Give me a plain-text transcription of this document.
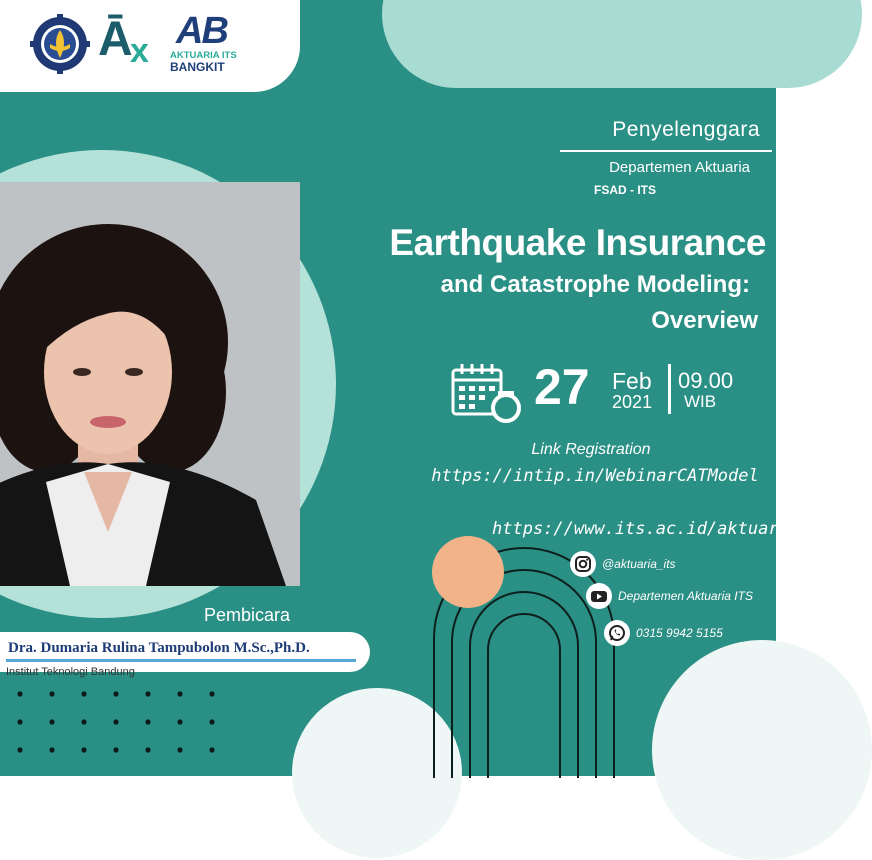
Ā
x AB
AKTUARIA ITS
BANGKIT
Penyelenggara
Departemen Aktuaria
FSAD - ITS
Earthquake Insurance
and Catastrophe Modeling:
Overview
27 Feb
2021
09.00
WIB
Link Registration
https://intip.in/WebinarCATModel
https://www.its.ac.id/aktuaria/
@aktuaria_its
Departemen Aktuaria ITS
0315 9942 5155
Pembicara
Dra. Dumaria Rulina Tampubolon M.Sc.,Ph.D.
Institut Teknologi Bandung
